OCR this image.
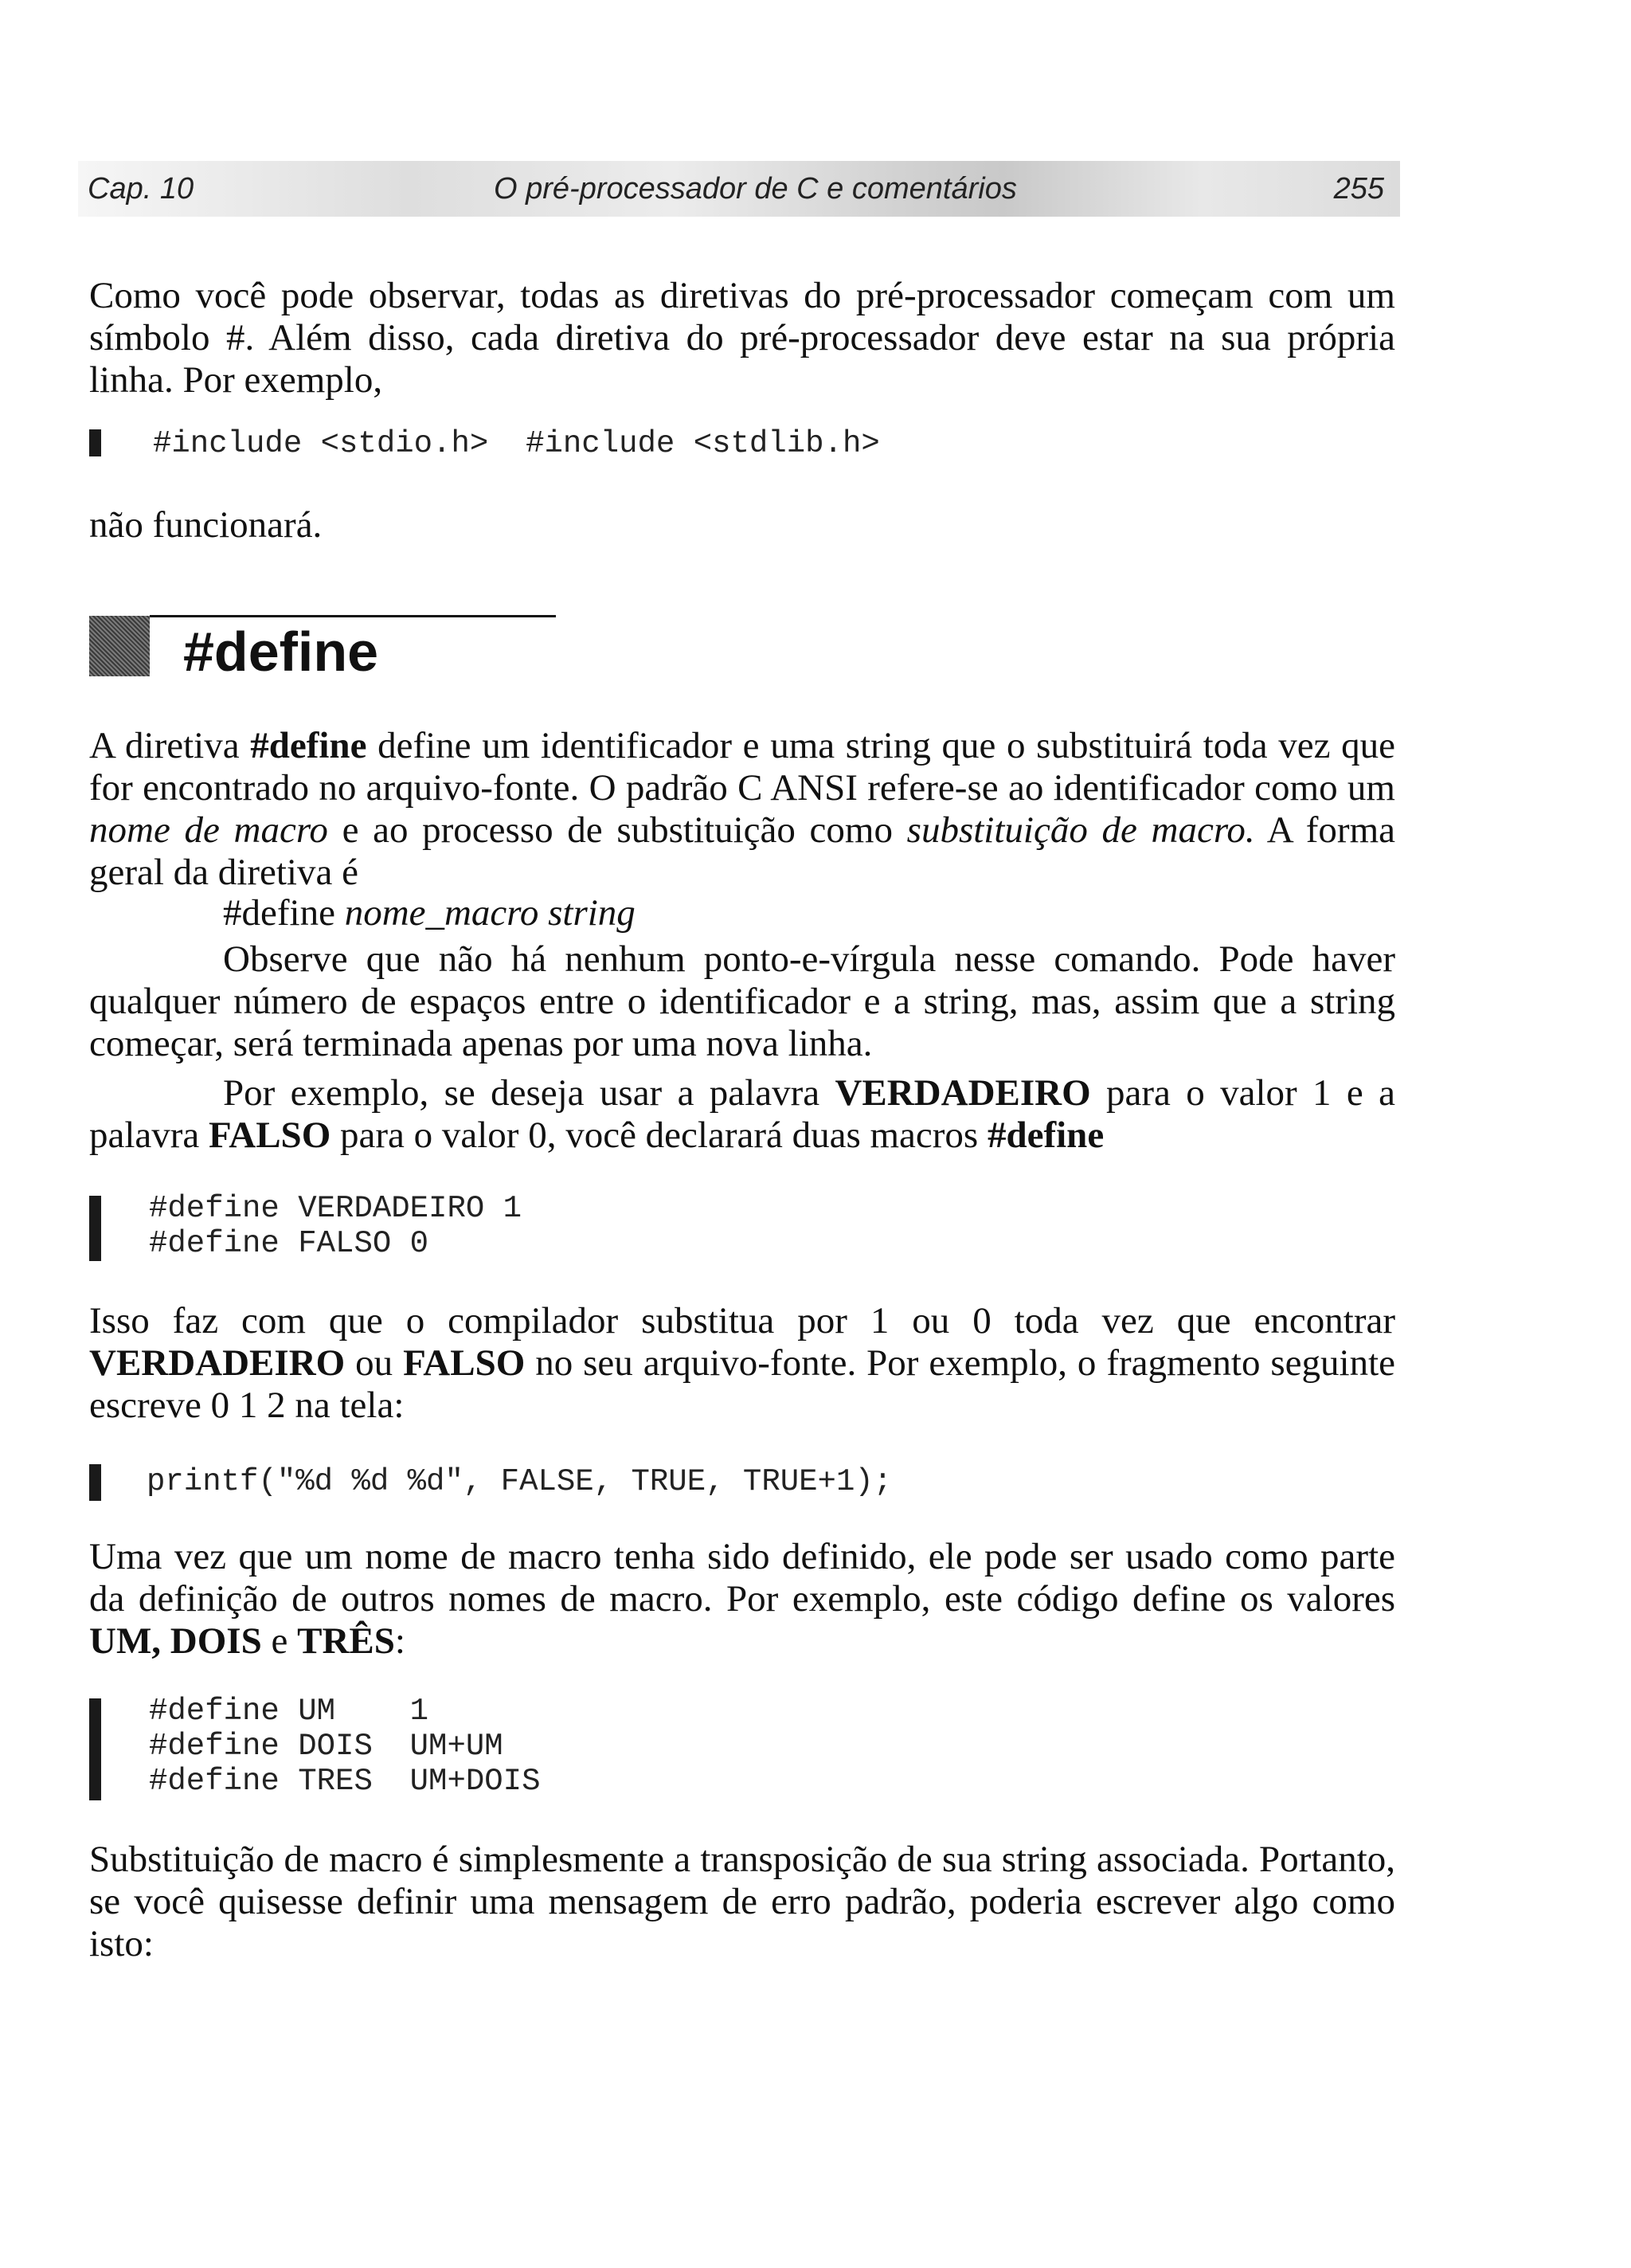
Cap. 10	O pré-processador de C e comentários	255

Como você pode observar, todas as diretivas do pré-processador começam com um símbolo #. Além disso, cada diretiva do pré-processador deve estar na sua própria linha. Por exemplo,

#include <stdio.h>  #include <stdlib.h>

não funcionará.

#define

A diretiva #define define um identificador e uma string que o substituirá toda vez que for encontrado no arquivo-fonte. O padrão C ANSI refere-se ao identificador como um nome de macro e ao processo de substituição como substituição de macro. A forma geral da diretiva é

#define nome_macro string

Observe que não há nenhum ponto-e-vírgula nesse comando. Pode haver qualquer número de espaços entre o identificador e a string, mas, assim que a string começar, será terminada apenas por uma nova linha.

Por exemplo, se deseja usar a palavra VERDADEIRO para o valor 1 e a palavra FALSO para o valor 0, você declarará duas macros #define

#define VERDADEIRO 1
#define FALSO 0

Isso faz com que o compilador substitua por 1 ou 0 toda vez que encontrar VERDADEIRO ou FALSO no seu arquivo-fonte. Por exemplo, o fragmento seguinte escreve 0 1 2 na tela:

printf("%d %d %d", FALSE, TRUE, TRUE+1);

Uma vez que um nome de macro tenha sido definido, ele pode ser usado como parte da definição de outros nomes de macro. Por exemplo, este código define os valores UM, DOIS e TRÊS:

#define UM    1
#define DOIS  UM+UM
#define TRES  UM+DOIS

Substituição de macro é simplesmente a transposição de sua string associada. Portanto, se você quisesse definir uma mensagem de erro padrão, poderia escrever algo como isto:
